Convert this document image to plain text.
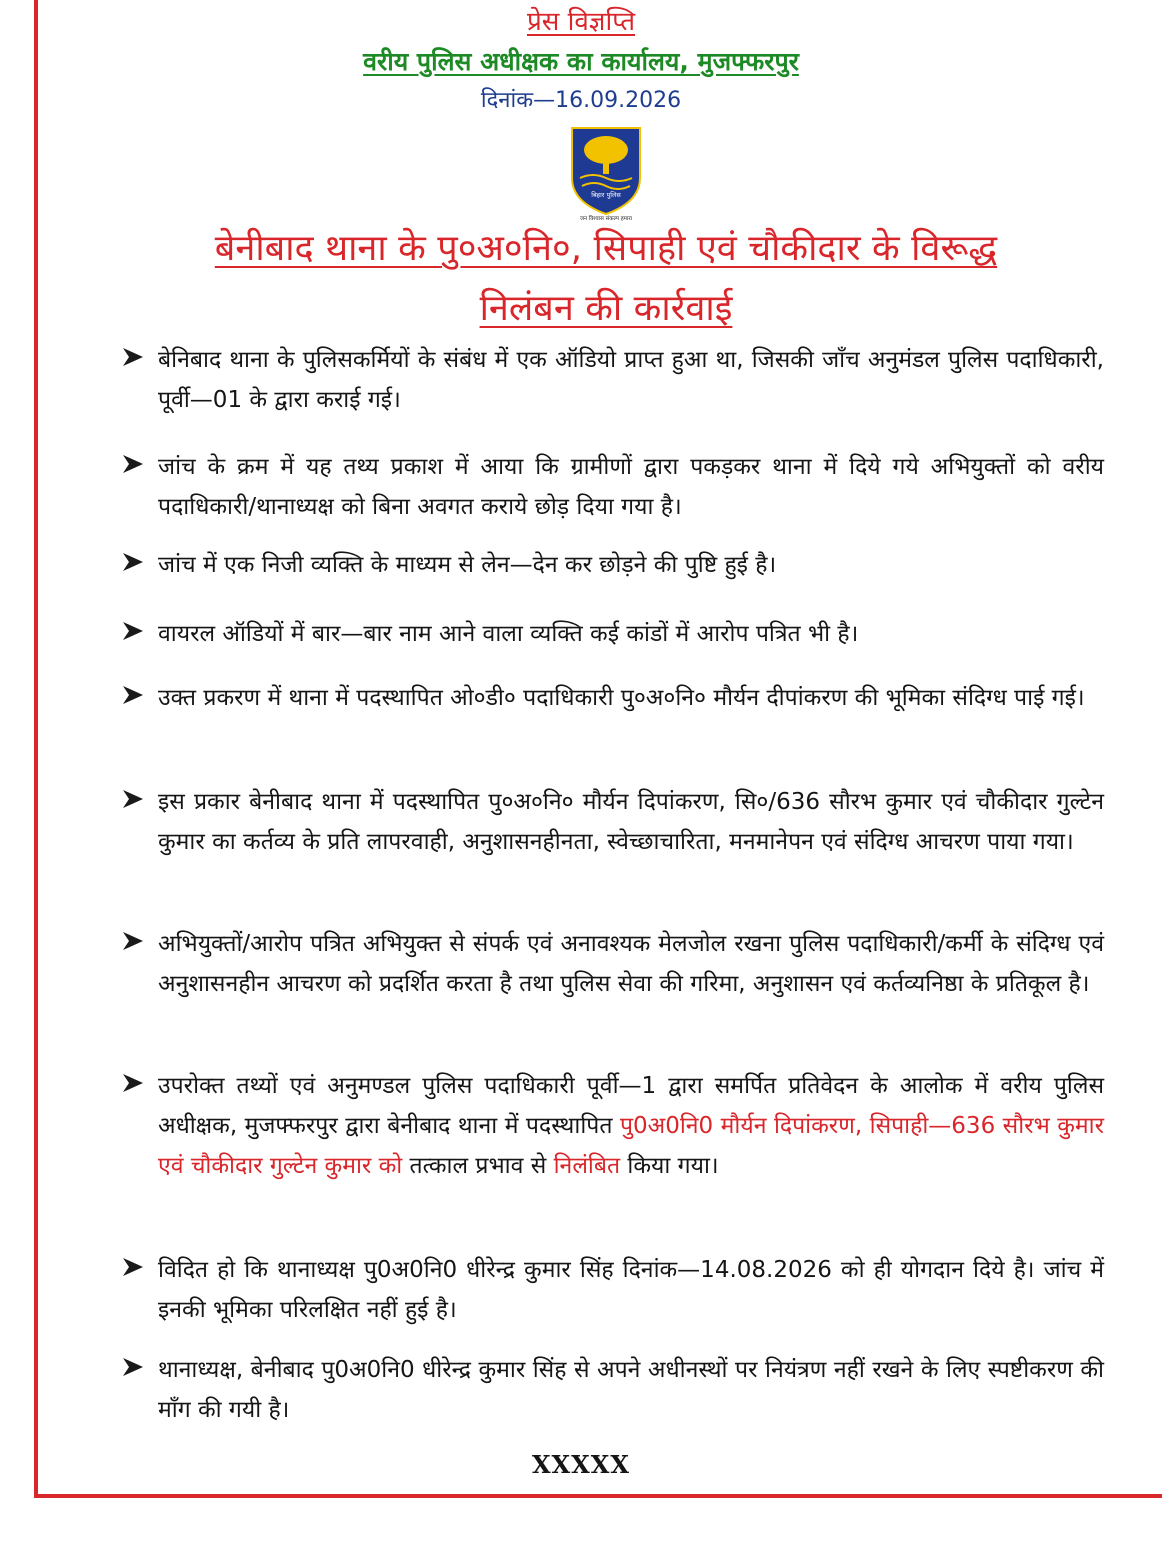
प्रेस विज्ञप्ति
वरीय पुलिस अधीक्षक का कार्यालय, मुजफ्फरपुर
दिनांक—16.09.2026
बिहार पुलिस
जन विश्वास संकल्प हमारा
बेनीबाद थाना के पु०अ०नि०, सिपाही एवं चौकीदार के विरूद्ध
निलंबन की कार्रवाई
बेनिबाद थाना के पुलिसकर्मियों के संबंध में एक ऑडियो प्राप्त हुआ था, जिसकी जाँच अनुमंडल पुलिस पदाधिकारी, पूर्वी—01 के द्वारा कराई गई।
जांच के क्रम में यह तथ्य प्रकाश में आया कि ग्रामीणों द्वारा पकड़कर थाना में दिये गये अभियुक्तों को वरीय पदाधिकारी/थानाध्यक्ष को बिना अवगत कराये छोड़ दिया गया है।
जांच में एक निजी व्यक्ति के माध्यम से लेन—देन कर छोड़ने की पुष्टि हुई है।
वायरल ऑडियों में बार—बार नाम आने वाला व्यक्ति कई कांडों में आरोप पत्रित भी है।
उक्त प्रकरण में थाना में पदस्थापित ओ०डी० पदाधिकारी पु०अ०नि० मौर्यन दीपांकरण की भूमिका संदिग्ध पाई गई।
इस प्रकार बेनीबाद थाना में पदस्थापित पु०अ०नि० मौर्यन दिपांकरण, सि०/636 सौरभ कुमार एवं चौकीदार गुल्टेन कुमार का कर्तव्य के प्रति लापरवाही, अनुशासनहीनता, स्वेच्छाचारिता, मनमानेपन एवं संदिग्ध आचरण पाया गया।
अभियुक्तों/आरोप पत्रित अभियुक्त से संपर्क एवं अनावश्यक मेलजोल रखना पुलिस पदाधिकारी/कर्मी के संदिग्ध एवं अनुशासनहीन आचरण को प्रदर्शित करता है तथा पुलिस सेवा की गरिमा, अनुशासन एवं कर्तव्यनिष्ठा के प्रतिकूल है।
उपरोक्त तथ्यों एवं अनुमण्डल पुलिस पदाधिकारी पूर्वी—1 द्वारा समर्पित प्रतिवेदन के आलोक में वरीय पुलिस अधीक्षक, मुजफ्फरपुर द्वारा बेनीबाद थाना में पदस्थापित पु0अ0नि0 मौर्यन दिपांकरण, सिपाही—636 सौरभ कुमार एवं चौकीदार गुल्टेन कुमार को तत्काल प्रभाव से निलंबित किया गया।
विदित हो कि थानाध्यक्ष पु0अ0नि0 धीरेन्द्र कुमार सिंह दिनांक—14.08.2026 को ही योगदान दिये है। जांच में इनकी भूमिका परिलक्षित नहीं हुई है।
थानाध्यक्ष, बेनीबाद पु0अ0नि0 धीरेन्द्र कुमार सिंह से अपने अधीनस्थों पर नियंत्रण नहीं रखने के लिए स्पष्टीकरण की माँग की गयी है।
XXXXX
